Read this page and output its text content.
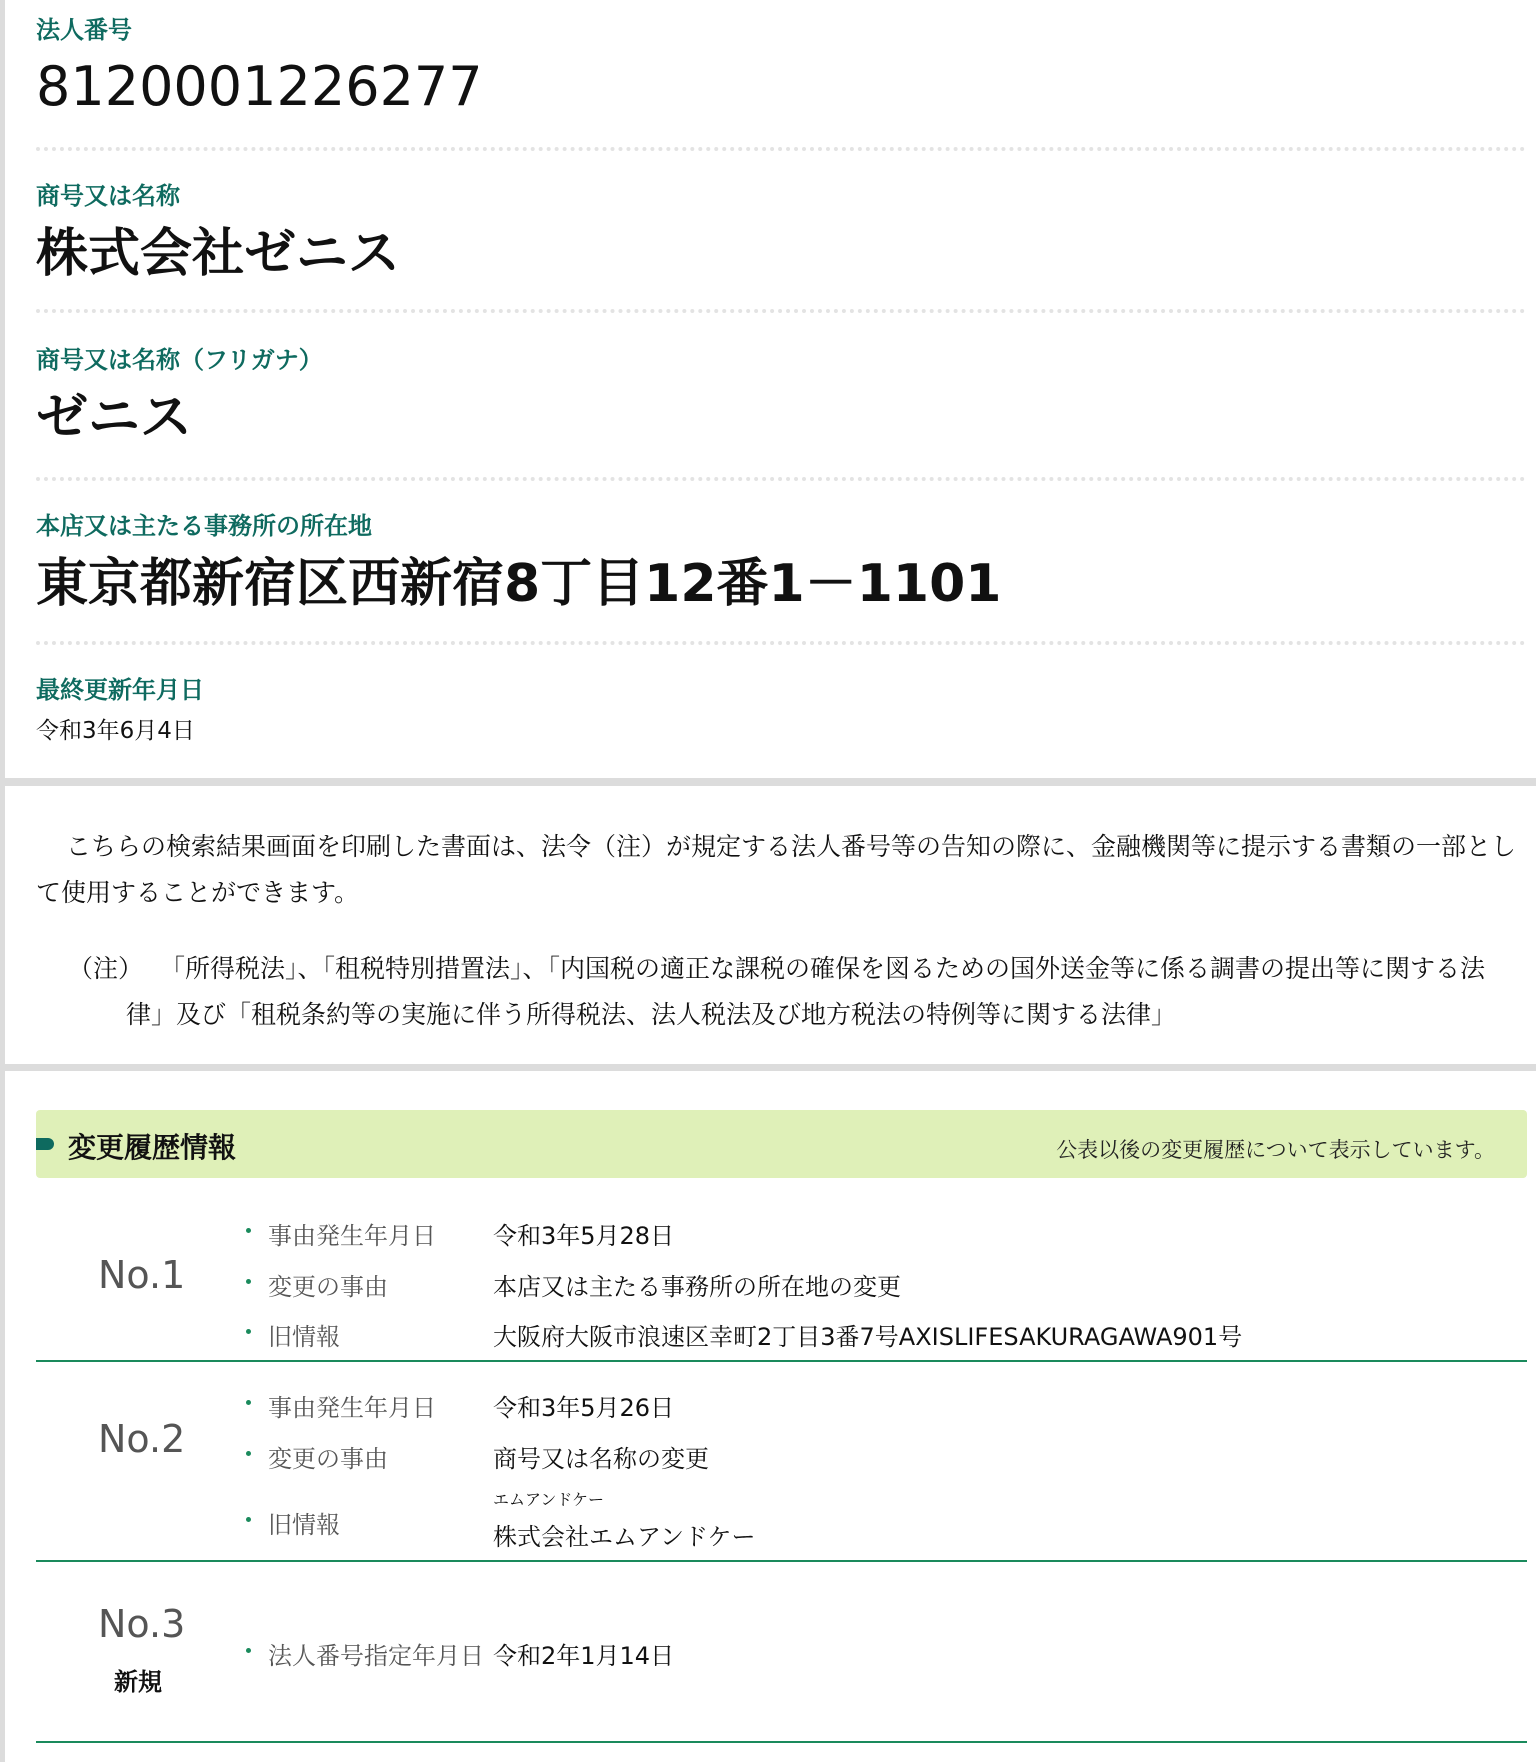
法人番号
8120001226277
商号又は名称
株式会社ゼニス
商号又は名称（フリガナ）
ゼニス
本店又は主たる事務所の所在地
東京都新宿区西新宿8丁目12番1－1101
最終更新年月日
令和3年6月4日
こちらの検索結果画面を印刷した書面は、法令（注）が規定する法人番号等の告知の際に、金融機関等に提示する書類の一部として使用することができます。
（注） 「所得税法」、「租税特別措置法」、「内国税の適正な課税の確保を図るための国外送金等に係る調書の提出等に関する法律」及び「租税条約等の実施に伴う所得税法、法人税法及び地方税法の特例等に関する法律」
変更履歴情報	公表以後の変更履歴について表示しています。
No.1
事由発生年月日 令和3年5月28日
変更の事由	本店又は主たる事務所の所在地の変更
旧情報	大阪府大阪市浪速区幸町2丁目3番7号AXISLIFESAKURAGAWA901号
No.2
事由発生年月日 令和3年5月26日
変更の事由	商号又は名称の変更
旧情報
エムアンドケー
株式会社エムアンドケー
No.3
新規
法人番号指定年月日 令和2年1月14日
